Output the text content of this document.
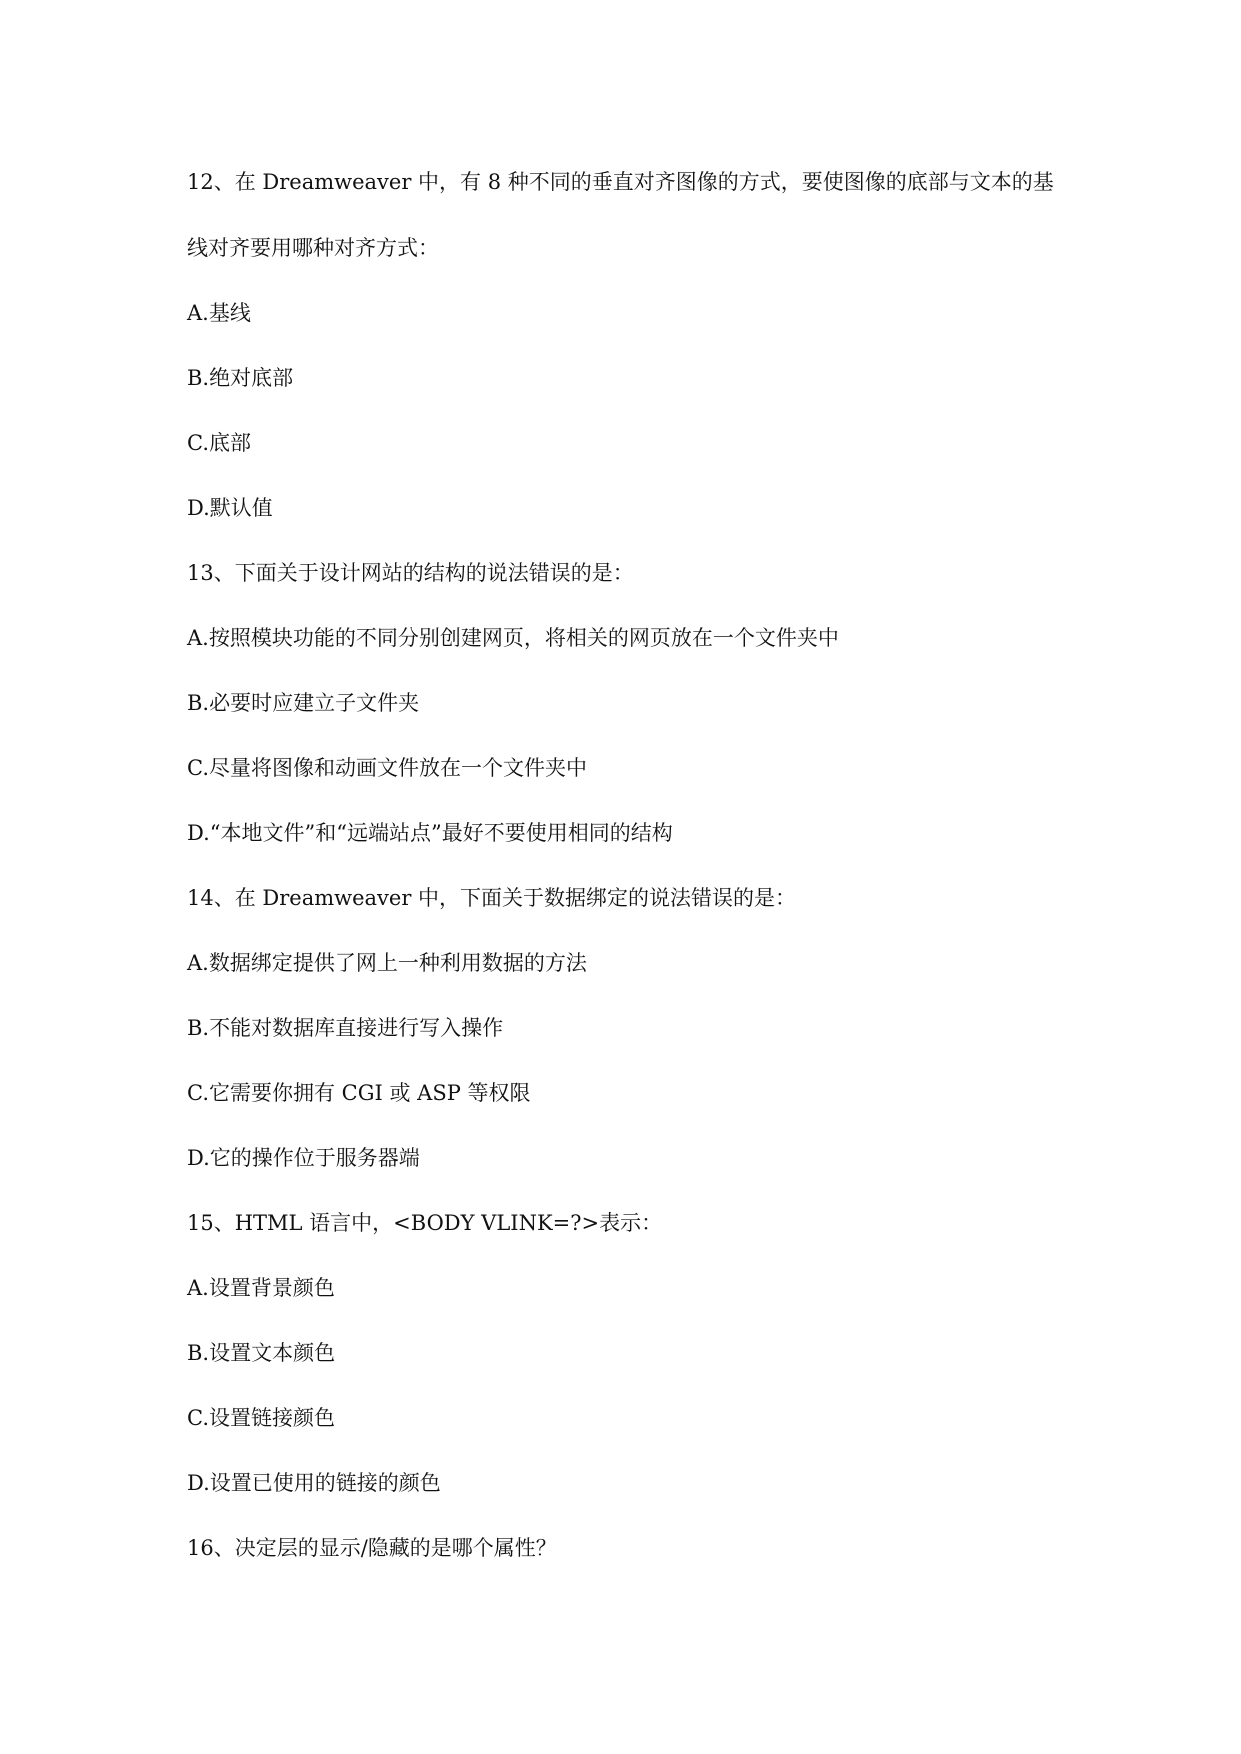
12、在 Dreamweaver 中，有 8 种不同的垂直对齐图像的方式，要使图像的底部与文本的基
线对齐要用哪种对齐方式：
A.基线
B.绝对底部
C.底部
D.默认值
13、下面关于设计网站的结构的说法错误的是：
A.按照模块功能的不同分别创建网页，将相关的网页放在一个文件夹中
B.必要时应建立子文件夹
C.尽量将图像和动画文件放在一个文件夹中
D.“本地文件”和“远端站点”最好不要使用相同的结构
14、在 Dreamweaver 中，下面关于数据绑定的说法错误的是：
A.数据绑定提供了网上一种利用数据的方法
B.不能对数据库直接进行写入操作
C.它需要你拥有 CGI 或 ASP 等权限
D.它的操作位于服务器端
15、HTML 语言中，<BODY VLINK=?>表示：
A.设置背景颜色
B.设置文本颜色
C.设置链接颜色
D.设置已使用的链接的颜色
16、决定层的显示/隐藏的是哪个属性？
